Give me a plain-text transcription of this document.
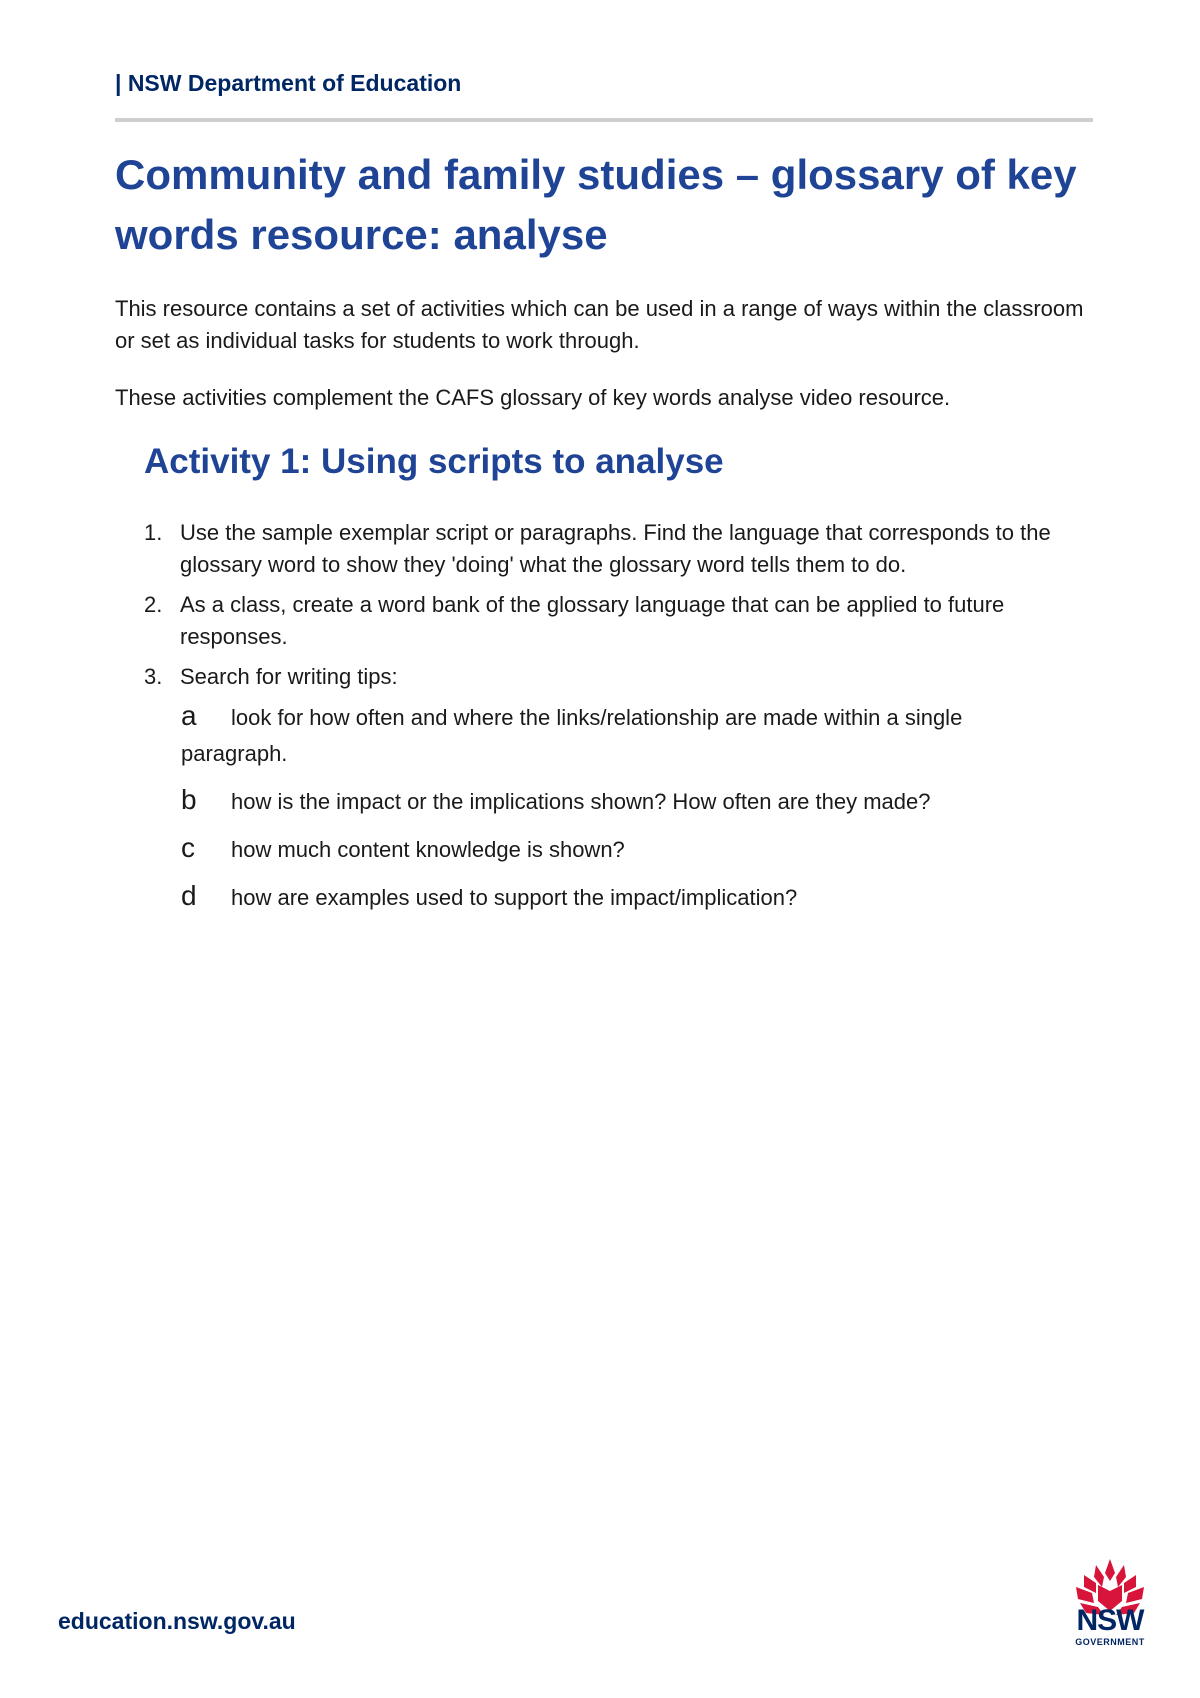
| NSW Department of Education
Community and family studies – glossary of key words resource: analyse

This resource contains a set of activities which can be used in a range of ways within the classroom or set as individual tasks for students to work through.

These activities complement the CAFS glossary of key words analyse video resource.

Activity 1: Using scripts to analyse
1. Use the sample exemplar script or paragraphs. Find the language that corresponds to the glossary word to show they 'doing' what the glossary word tells them to do.
2. As a class, create a word bank of the glossary language that can be applied to future responses.
3. Search for writing tips:
a look for how often and where the links/relationship are made within a single paragraph.
b how is the impact or the implications shown? How often are they made?
c how much content knowledge is shown?
d how are examples used to support the impact/implication?
education.nsw.gov.au	NSW
GOVERNMENT
